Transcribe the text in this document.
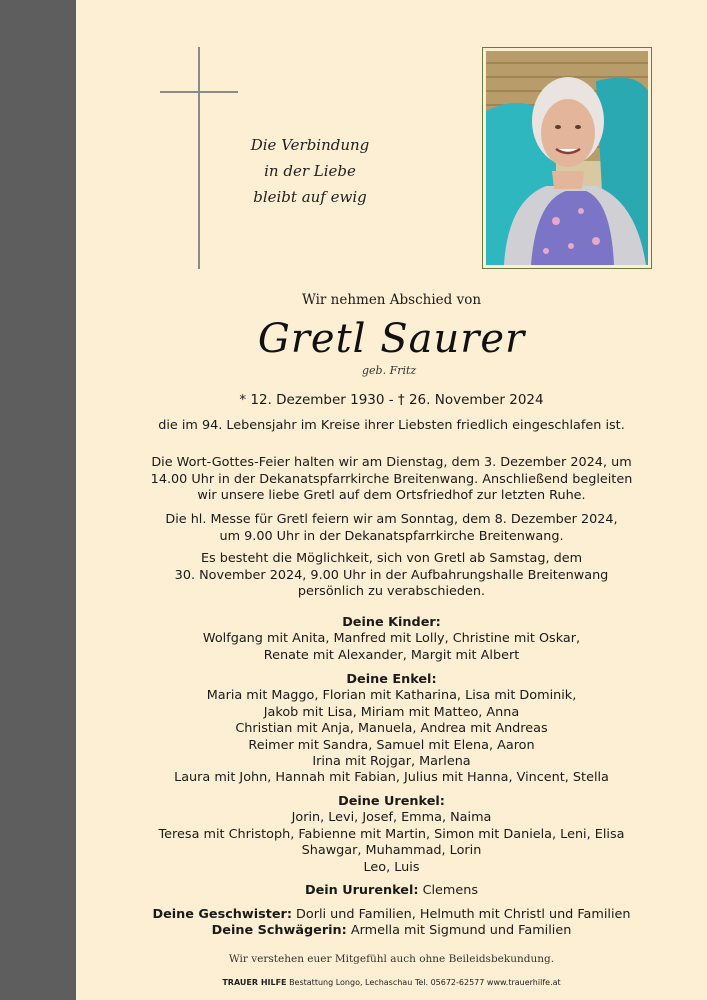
Die Verbindung
in der Liebe
bleibt auf ewig
Wir nehmen Abschied von
Gretl Saurer
geb. Fritz
* 12. Dezember 1930 - † 26. November 2024
die im 94. Lebensjahr im Kreise ihrer Liebsten friedlich eingeschlafen ist.
Die Wort-Gottes-Feier halten wir am Dienstag, dem 3. Dezember 2024, um
14.00 Uhr in der Dekanatspfarrkirche Breitenwang. Anschließend begleiten
wir unsere liebe Gretl auf dem Ortsfriedhof zur letzten Ruhe.
Die hl. Messe für Gretl feiern wir am Sonntag, dem 8. Dezember 2024,
um 9.00 Uhr in der Dekanatspfarrkirche Breitenwang.
Es besteht die Möglichkeit, sich von Gretl ab Samstag, dem
30. November 2024, 9.00 Uhr in der Aufbahrungshalle Breitenwang
persönlich zu verabschieden.
Deine Kinder:
Wolfgang mit Anita, Manfred mit Lolly, Christine mit Oskar,
Renate mit Alexander, Margit mit Albert
Deine Enkel:
Maria mit Maggo, Florian mit Katharina, Lisa mit Dominik,
Jakob mit Lisa, Miriam mit Matteo, Anna
Christian mit Anja, Manuela, Andrea mit Andreas
Reimer mit Sandra, Samuel mit Elena, Aaron
Irina mit Rojgar, Marlena
Laura mit John, Hannah mit Fabian, Julius mit Hanna, Vincent, Stella
Deine Urenkel:
Jorin, Levi, Josef, Emma, Naima
Teresa mit Christoph, Fabienne mit Martin, Simon mit Daniela, Leni, Elisa
Shawgar, Muhammad, Lorin
Leo, Luis
Dein Ururenkel: Clemens
Deine Geschwister: Dorli und Familien, Helmuth mit Christl und Familien
Deine Schwägerin: Armella mit Sigmund und Familien
Wir verstehen euer Mitgefühl auch ohne Beileidsbekundung.
TRAUER HILFE Bestattung Longo, Lechaschau Tel. 05672-62577 www.trauerhilfe.at
